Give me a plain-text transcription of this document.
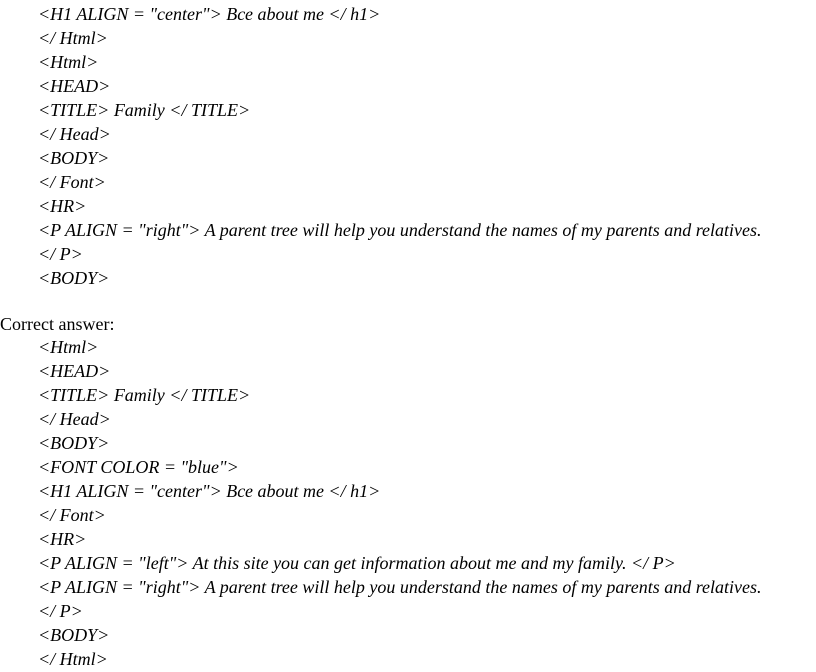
<H1 ALIGN = "center"> Все about me </ h1>
</ Html>
<Html>
<HEAD>
<TITLE> Family </ TITLE>
</ Head>
<BODY>
</ Font>
<HR>
<P ALIGN = "right"> A parent tree will help you understand the names of my parents and relatives.
</ P>
<BODY>
Correct answer:
<Html>
<HEAD>
<TITLE> Family </ TITLE>
</ Head>
<BODY>
<FONT COLOR = "blue">
<H1 ALIGN = "center"> Все about me </ h1>
</ Font>
<HR>
<P ALIGN = "left"> At this site you can get information about me and my family. </ P>
<P ALIGN = "right"> A parent tree will help you understand the names of my parents and relatives.
</ P>
<BODY>
</ Html>
